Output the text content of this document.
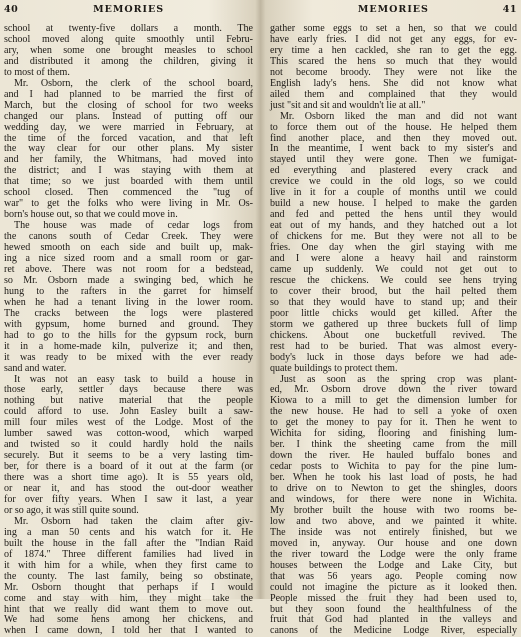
40	MEMORIES
school at twenty-five dollars a month. The
school moved along quite smoothly until Febru-
ary, when some one brought measles to school
and distributed it among the children, giving it
to most of them.
Mr. Osborn, the clerk of the school board,
and I had planned to be married the first of
March, but the closing of school for two weeks
changed our plans. Instead of putting off our
wedding day, we were married in February, at
the time of the forced vacation, and that left
the way clear for our other plans. My sister
and her family, the Whitmans, had moved into
the district; and I was staying with them at
that time; so we just boarded with them until
school closed. Then commenced the "tug of
war" to get the folks who were living in Mr. Os-
born's house out, so that we could move in.
The house was made of cedar logs from
the canons south of Cedar Creek. They were
hewed smooth on each side and built up, mak-
ing a nice sized room and a small room or gar-
ret above. There was not room for a bedstead,
so Mr. Osborn made a swinging bed, which he
hung to the rafters in the garret for himself
when he had a tenant living in the lower room.
The cracks between the logs were plastered
with gypsum, home burned and ground. They
had to go to the hills for the gypsum rock, burn
it in a home-made kiln, pulverize it; and then,
it was ready to be mixed with the ever ready
sand and water.
It was not an easy task to build a house in
those early, settler days because there was
nothing but native material that the people
could afford to use. John Easley built a saw-
mill four miles west of the Lodge. Most of the
lumber sawed was cotton-wood, which warped
and twisted so it could hardly hold the nails
securely. But it seems to be a very lasting tim-
ber, for there is a board of it out at the farm (or
there was a short time ago). It is 55 years old,
or near it, and has stood the out-door weather
for over fifty years. When I saw it last, a year
or so ago, it was still quite sound.
Mr. Osborn had taken the claim after giv-
ing a man 50 cents and his watch for it. He
built the house in the fall after the "Indian Raid
of 1874." Three different families had lived in
it with him for a while, when they first came to
the county. The last family, being so obstinate,
Mr. Osborn thought that perhaps if I would
come and stay with him, they might take the
hint that we really did want them to move out.
We had some hens among her chickens, and
when I came down, I told her that I wanted to
MEMORIES	41
gather some eggs to set a hen, so that we could
have early fries. I did not get any eggs, for ev-
ery time a hen cackled, she ran to get the egg.
This scared the hens so much that they would
not become broody. They were not like the
English lady's hens. She did not know what
ailed them and complained that they would
just "sit and sit and wouldn't lie at all."
Mr. Osborn liked the man and did not want
to force them out of the house. He helped them
find another place, and then they moved out.
In the meantime, I went back to my sister's and
stayed until they were gone. Then we fumigat-
ed everything and plastered every crack and
crevice we could in the old logs, so we could
live in it for a couple of months until we could
build a new house. I helped to make the garden
and fed and petted the hens until they would
eat out of my hands, and they hatched out a lot
of chickens for me. But they were not all to be
fries. One day when the girl staying with me
and I were alone a heavy hail and rainstorm
came up suddenly. We could not get out to
rescue the chickens. We could see hens trying
to cover their brood, but the hail pelted them
so that they would have to stand up; and their
poor little chicks would get killed. After the
storm we gathered up three buckets full of limp
chickens. About one bucketfull revived. The
rest had to be buried. That was almost every-
body's luck in those days before we had ade-
quate buildings to protect them.
Just as soon as the spring crop was plant-
ed, Mr. Osborn drove down the river toward
Kiowa to a mill to get the dimension lumber for
the new house. He had to sell a yoke of oxen
to get the money to pay for it. Then he went to
Wichita for siding, flooring and finishing lum-
ber. I think the sheeting came from the mill
down the river. He hauled buffalo bones and
cedar posts to Wichita to pay for the pine lum-
ber. When he took his last load of posts, he had
to drive on to Newton to get the shingles, doors
and windows, for there were none in Wichita.
My brother built the house with two rooms be-
low and two above, and we painted it white.
The inside was not entirely finished, but we
moved in, anyway. Our house and one down
the river toward the Lodge were the only frame
houses between the Lodge and Lake City, but
that was 56 years ago. People coming now
could not imagine the picture as it looked then.
People missed the fruit they had been used to,
but they soon found the healthfulness of the
fruit that God had planted in the valleys and
canons of the Medicine Lodge River, especially
